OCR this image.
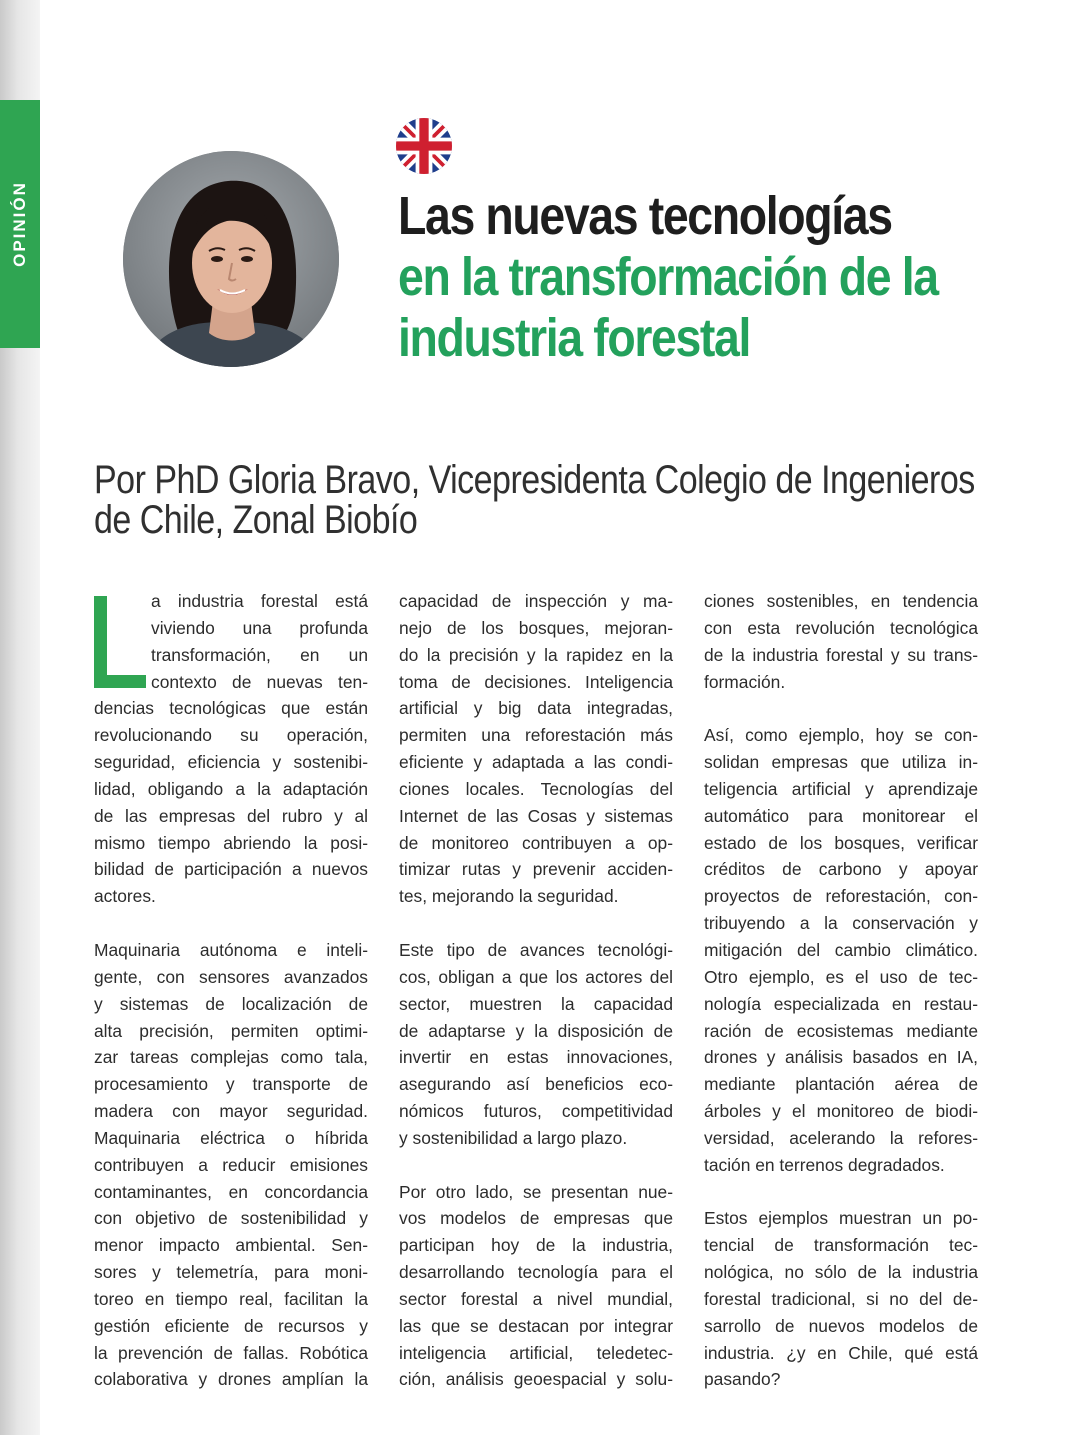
OPINIÓN	Las nuevas tecnologías
en la transformación de la
industria forestal
Por PhD Gloria Bravo, Vicepresidenta Colegio de Ingenieros
de Chile, Zonal Biobío
a industria forestal está
viviendo una profunda
transformación, en un
contexto de nuevas ten-
dencias tecnológicas que están
revolucionando su operación,
seguridad, eficiencia y sostenibi-
lidad, obligando a la adaptación
de las empresas del rubro y al
mismo tiempo abriendo la posi-
bilidad de participación a nuevos
actores.
Maquinaria autónoma e inteli-
gente, con sensores avanzados
y sistemas de localización de
alta precisión, permiten optimi-
zar tareas complejas como tala,
procesamiento y transporte de
madera con mayor seguridad.
Maquinaria eléctrica o híbrida
contribuyen a reducir emisiones
contaminantes, en concordancia
con objetivo de sostenibilidad y
menor impacto ambiental. Sen-
sores y telemetría, para moni-
toreo en tiempo real, facilitan la
gestión eficiente de recursos y
la prevención de fallas. Robótica
colaborativa y drones amplían la
capacidad de inspección y ma-
nejo de los bosques, mejoran-
do la precisión y la rapidez en la
toma de decisiones. Inteligencia
artificial y big data integradas,
permiten una reforestación más
eficiente y adaptada a las condi-
ciones locales. Tecnologías del
Internet de las Cosas y sistemas
de monitoreo contribuyen a op-
timizar rutas y prevenir acciden-
tes, mejorando la seguridad.
Este tipo de avances tecnológi-
cos, obligan a que los actores del
sector, muestren la capacidad
de adaptarse y la disposición de
invertir en estas innovaciones,
asegurando así beneficios eco-
nómicos futuros, competitividad
y sostenibilidad a largo plazo.
Por otro lado, se presentan nue-
vos modelos de empresas que
participan hoy de la industria,
desarrollando tecnología para el
sector forestal a nivel mundial,
las que se destacan por integrar
inteligencia artificial, teledetec-
ción, análisis geoespacial y solu-
ciones sostenibles, en tendencia
con esta revolución tecnológica
de la industria forestal y su trans-
formación.
Así, como ejemplo, hoy se con-
solidan empresas que utiliza in-
teligencia artificial y aprendizaje
automático para monitorear el
estado de los bosques, verificar
créditos de carbono y apoyar
proyectos de reforestación, con-
tribuyendo a la conservación y
mitigación del cambio climático.
Otro ejemplo, es el uso de tec-
nología especializada en restau-
ración de ecosistemas mediante
drones y análisis basados en IA,
mediante plantación aérea de
árboles y el monitoreo de biodi-
versidad, acelerando la refores-
tación en terrenos degradados.
Estos ejemplos muestran un po-
tencial de transformación tec-
nológica, no sólo de la industria
forestal tradicional, si no del de-
sarrollo de nuevos modelos de
industria. ¿y en Chile, qué está
pasando?
